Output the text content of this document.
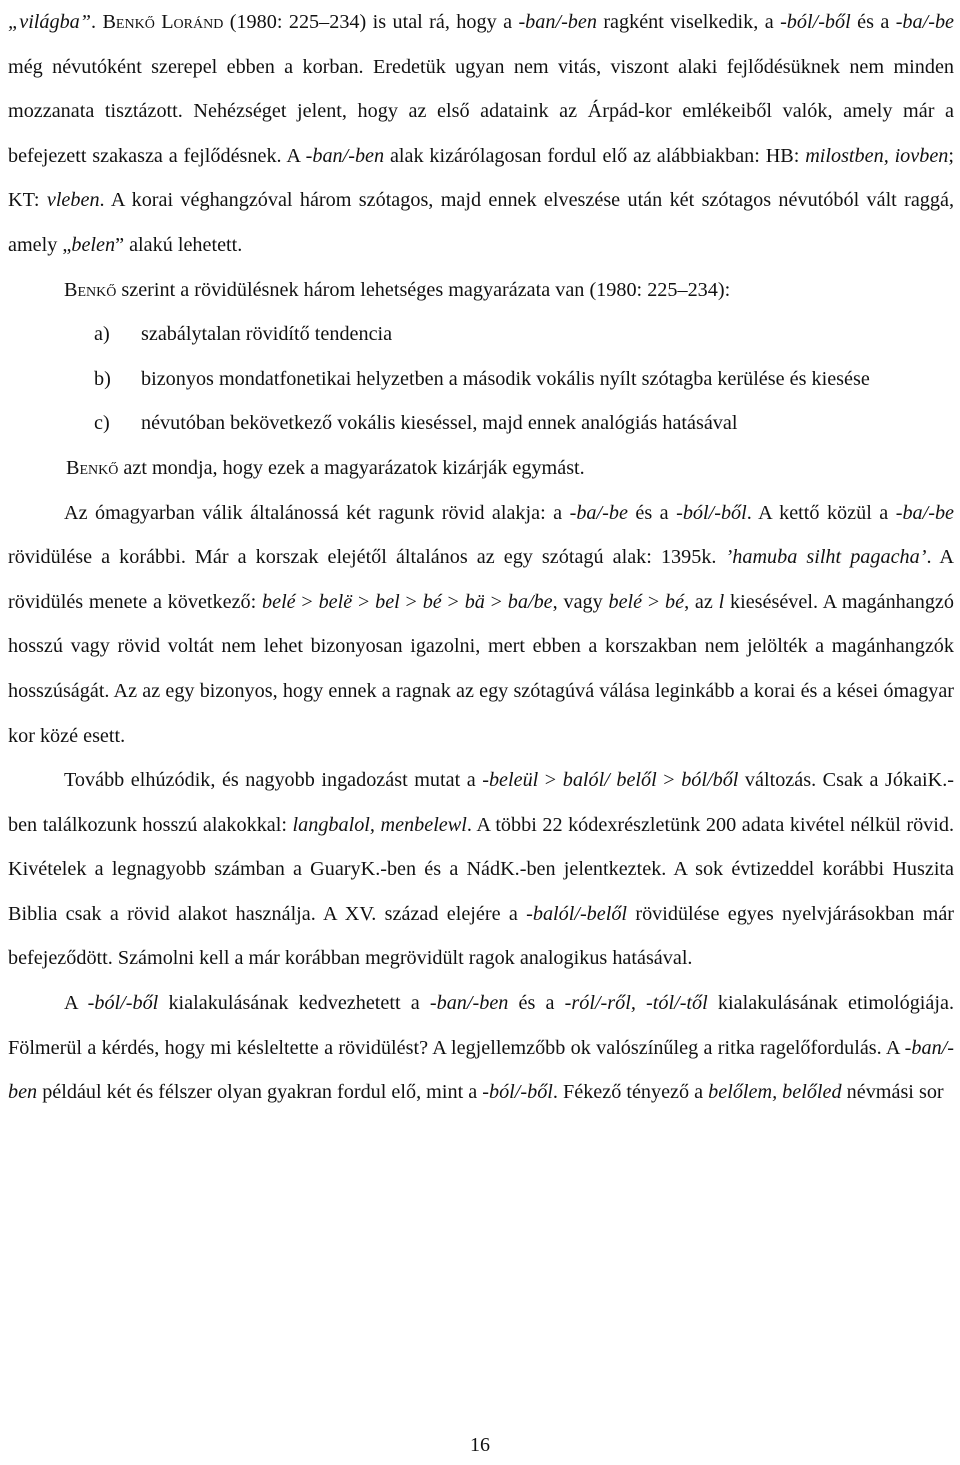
„világba”. Benkő Loránd (1980: 225–234) is utal rá, hogy a -ban/-ben ragként viselkedik, a -ból/-ből és a -ba/-be még névutóként szerepel ebben a korban. Eredetük ugyan nem vitás, viszont alaki fejlődésüknek nem minden mozzanata tisztázott. Nehézséget jelent, hogy az első adataink az Árpád-kor emlékeiből valók, amely már a befejezett szakasza a fejlődésnek. A -ban/-ben alak kizárólagosan fordul elő az alábbiakban: HB: milostben, iovben; KT: vleben. A korai véghangzóval három szótagos, majd ennek elveszése után két szótagos névutóból vált raggá, amely „belen” alakú lehetett.

Benkő szerint a rövidülésnek három lehetséges magyarázata van (1980: 225–234):

a)	szabálytalan rövidítő tendencia
b)	bizonyos mondatfonetikai helyzetben a második vokális nyílt szótagba kerülése és kiesése
c)	névutóban bekövetkező vokális kieséssel, majd ennek analógiás hatásával

Benkő azt mondja, hogy ezek a magyarázatok kizárják egymást.

Az ómagyarban válik általánossá két ragunk rövid alakja: a -ba/-be és a -ból/-ből. A kettő közül a -ba/-be rövidülése a korábbi. Már a korszak elejétől általános az egy szótagú alak: 1395k. ’hamuba silht pagacha’. A rövidülés menete a következő: belé > belë > bel > bé > bä > ba/be, vagy belé > bé, az l kiesésével. A magánhangzó hosszú vagy rövid voltát nem lehet bizonyosan igazolni, mert ebben a korszakban nem jelölték a magánhangzók hosszúságát. Az az egy bizonyos, hogy ennek a ragnak az egy szótagúvá válása leginkább a korai és a kései ómagyar kor közé esett.

Tovább elhúzódik, és nagyobb ingadozást mutat a -beleül > balól/ belől > ból/ből változás. Csak a JókaiK.-ben találkozunk hosszú alakokkal: langbalol, menbelewl. A többi 22 kódexrészletünk 200 adata kivétel nélkül rövid. Kivételek a legnagyobb számban a GuaryK.-ben és a NádK.-ben jelentkeztek. A sok évtizeddel korábbi Huszita Biblia csak a rövid alakot használja. A XV. század elejére a -balól/-belől rövidülése egyes nyelvjárásokban már befejeződött. Számolni kell a már korábban megrövidült ragok analogikus hatásával.

A -ból/-ből kialakulásának kedvezhetett a -ban/-ben és a -ról/-ről, -tól/-től kialakulásának etimológiája. Fölmerül a kérdés, hogy mi késleltette a rövidülést? A legjellemzőbb ok valószínűleg a ritka ragelőfordulás. A -ban/-ben például két és félszer olyan gyakran fordul elő, mint a -ból/-ből. Fékező tényező a belőlem, belőled névmási sor

16
